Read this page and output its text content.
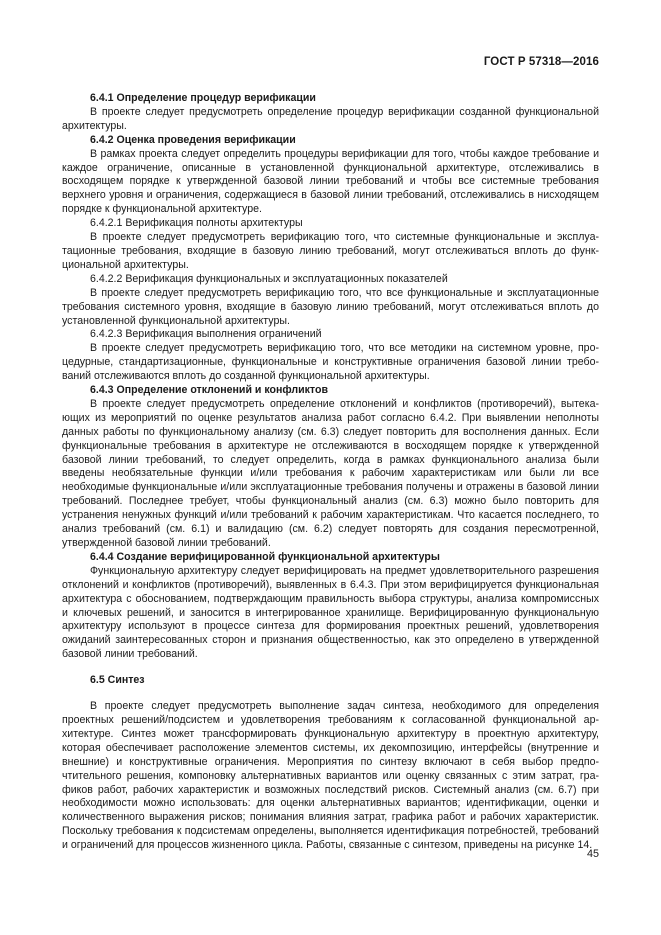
ГОСТ Р 57318—2016
6.4.1 Определение процедур верификации
В проекте следует предусмотреть определение процедур верификации созданной функциональной архитектуры.
6.4.2 Оценка проведения верификации
В рамках проекта следует определить процедуры верификации для того, чтобы каждое требование и каждое ограничение, описанные в установленной функциональной архитектуре, отслеживались в восходящем порядке к утвержденной базовой линии требований и чтобы все системные требования верхнего уровня и ограничения, содержащиеся в базовой линии требований, отслеживались в нисходящем порядке к функциональной архитектуре.
6.4.2.1 Верификация полноты архитектуры
В проекте следует предусмотреть верификацию того, что системные функциональные и эксплуатационные требования, входящие в базовую линию требований, могут отслеживаться вплоть до функциональной архитектуры.
6.4.2.2 Верификация функциональных и эксплуатационных показателей
В проекте следует предусмотреть верификацию того, что все функциональные и эксплуатационные требования системного уровня, входящие в базовую линию требований, могут отслеживаться вплоть до установленной функциональной архитектуры.
6.4.2.3 Верификация выполнения ограничений
В проекте следует предусмотреть верификацию того, что все методики на системном уровне, процедурные, стандартизационные, функциональные и конструктивные ограничения базовой линии требований отслеживаются вплоть до созданной функциональной архитектуры.
6.4.3 Определение отклонений и конфликтов
В проекте следует предусмотреть определение отклонений и конфликтов (противоречий), вытекающих из мероприятий по оценке результатов анализа работ согласно 6.4.2. При выявлении неполноты данных работы по функциональному анализу (см. 6.3) следует повторить для восполнения данных. Если функциональные требования в архитектуре не отслеживаются в восходящем порядке к утвержденной базовой линии требований, то следует определить, когда в рамках функционального анализа были введены необязательные функции и/или требования к рабочим характеристикам или были ли все необходимые функциональные и/или эксплуатационные требования получены и отражены в базовой линии требований. Последнее требует, чтобы функциональный анализ (см. 6.3) можно было повторить для устранения ненужных функций и/или требований к рабочим характеристикам. Что касается последнего, то анализ требований (см. 6.1) и валидацию (см. 6.2) следует повторять для создания пересмотренной, утвержденной базовой линии требований.
6.4.4 Создание верифицированной функциональной архитектуры
Функциональную архитектуру следует верифицировать на предмет удовлетворительного разрешения отклонений и конфликтов (противоречий), выявленных в 6.4.3. При этом верифицируется функциональная архитектура с обоснованием, подтверждающим правильность выбора структуры, анализа компромиссных и ключевых решений, и заносится в интегрированное хранилище. Верифицированную функциональную архитектуру используют в процессе синтеза для формирования проектных решений, удовлетворения ожиданий заинтересованных сторон и признания общественностью, как это определено в утвержденной базовой линии требований.
6.5 Синтез
В проекте следует предусмотреть выполнение задач синтеза, необходимого для определения проектных решений/подсистем и удовлетворения требованиям к согласованной функциональной архитектуре. Синтез может трансформировать функциональную архитектуру в проектную архитектуру, которая обеспечивает расположение элементов системы, их декомпозицию, интерфейсы (внутренние и внешние) и конструктивные ограничения. Мероприятия по синтезу включают в себя выбор предпочтительного решения, компоновку альтернативных вариантов или оценку связанных с этим затрат, графиков работ, рабочих характеристик и возможных последствий рисков. Системный анализ (см. 6.7) при необходимости можно использовать: для оценки альтернативных вариантов; идентификации, оценки и количественного выражения рисков; понимания влияния затрат, графика работ и рабочих характеристик. Поскольку требования к подсистемам определены, выполняется идентификация потребностей, требований и ограничений для процессов жизненного цикла. Работы, связанные с синтезом, приведены на рисунке 14.
45
